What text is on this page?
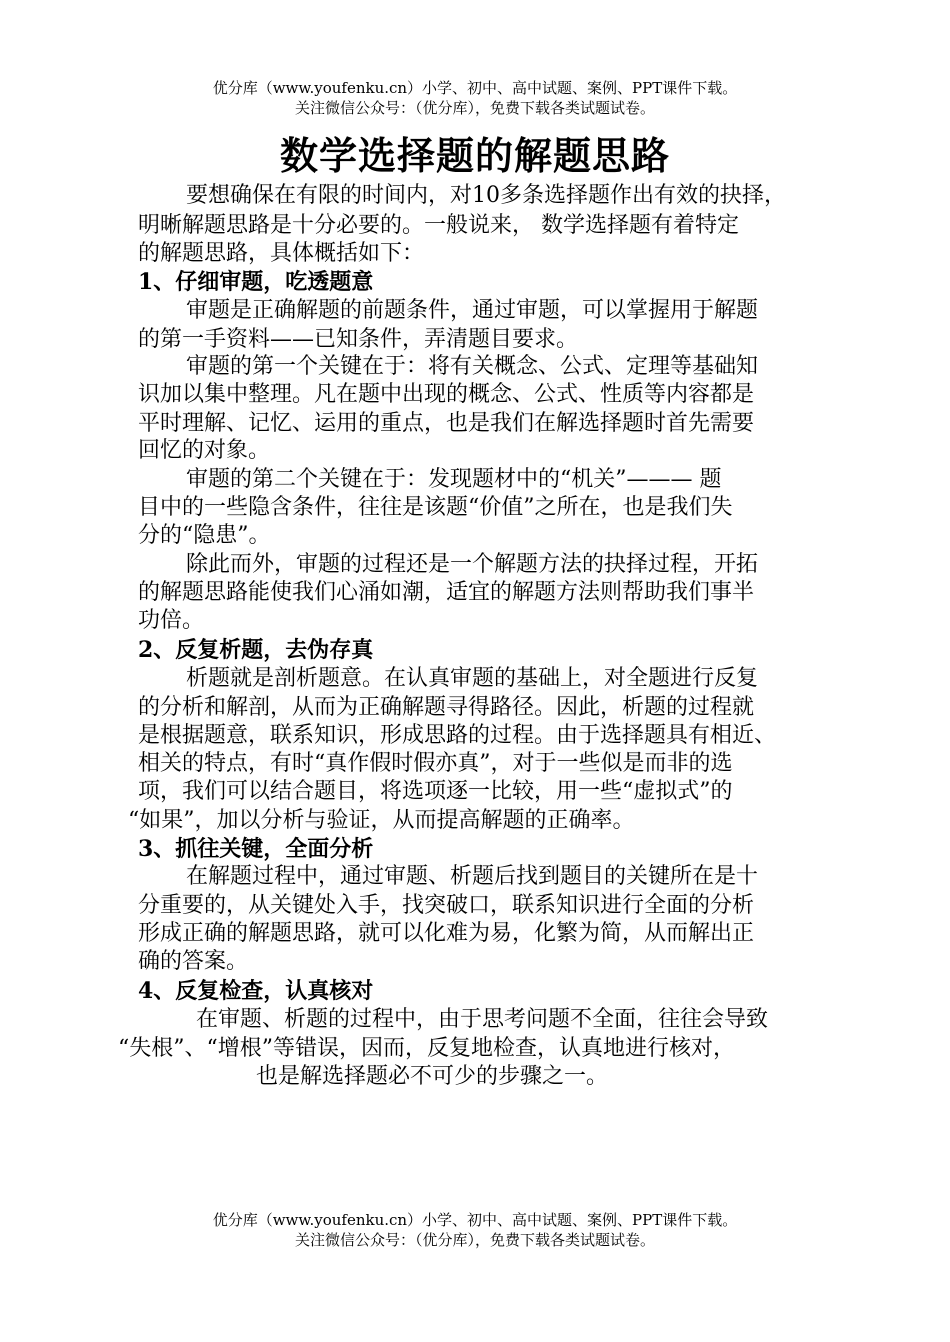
优分库（www.youfenku.cn）小学、初中、高中试题、案例、PPT课件下载。
关注微信公众号：（优分库），免费下载各类试题试卷。
数学选择题的解题思路
要想确保在有限的时间内，对10多条选择题作出有效的抉择，
明晰解题思路是十分必要的。一般说来， 数学选择题有着特定
的解题思路，具体概括如下：
1、仔细审题，吃透题意
审题是正确解题的前题条件，通过审题，可以掌握用于解题
的第一手资料——已知条件，弄清题目要求。
审题的第一个关键在于：将有关概念、公式、定理等基础知
识加以集中整理。凡在题中出现的概念、公式、性质等内容都是
平时理解、记忆、运用的重点，也是我们在解选择题时首先需要
回忆的对象。
审题的第二个关键在于：发现题材中的“机关”——— 题
目中的一些隐含条件，往往是该题“价值”之所在，也是我们失
分的“隐患”。
除此而外，审题的过程还是一个解题方法的抉择过程，开拓
的解题思路能使我们心涌如潮，适宜的解题方法则帮助我们事半
功倍。
2、反复析题，去伪存真
析题就是剖析题意。在认真审题的基础上，对全题进行反复
的分析和解剖，从而为正确解题寻得路径。因此，析题的过程就
是根据题意，联系知识，形成思路的过程。由于选择题具有相近、
相关的特点，有时“真作假时假亦真”，对于一些似是而非的选
项，我们可以结合题目，将选项逐一比较，用一些“虚拟式”的
“如果”，加以分析与验证，从而提高解题的正确率。
3、抓往关键，全面分析
在解题过程中，通过审题、析题后找到题目的关键所在是十
分重要的，从关键处入手，找突破口，联系知识进行全面的分析
形成正确的解题思路，就可以化难为易，化繁为简，从而解出正
确的答案。
4、反复检查，认真核对
在审题、析题的过程中，由于思考问题不全面，往往会导致
“失根”、“增根”等错误，因而，反复地检查，认真地进行核对，
也是解选择题必不可少的步骤之一。
优分库（www.youfenku.cn）小学、初中、高中试题、案例、PPT课件下载。
关注微信公众号：（优分库），免费下载各类试题试卷。
